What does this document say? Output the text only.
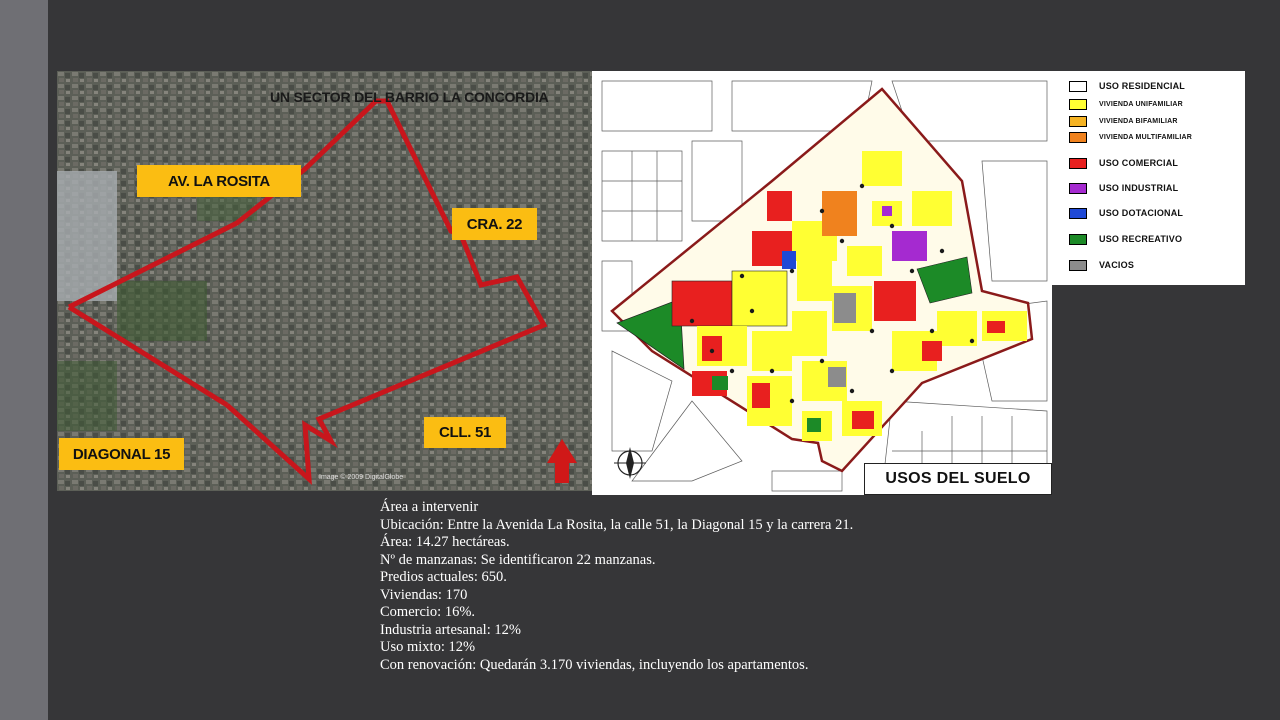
UN SECTOR DEL BARRIO LA CONCORDIA
AV. LA ROSITA
CRA. 22
DIAGONAL 15
CLL. 51
Image © 2009 DigitalGlobe	USOS DEL SUELO
USO RESIDENCIAL
VIVIENDA UNIFAMILIAR
VIVIENDA BIFAMILIAR
VIVIENDA MULTIFAMILIAR
USO COMERCIAL
USO INDUSTRIAL
USO DOTACIONAL
USO RECREATIVO
VACIOS
Área a intervenir
Ubicación: Entre la Avenida La Rosita, la calle 51, la Diagonal 15 y la carrera 21.
Área: 14.27 hectáreas.
Nº de manzanas: Se identificaron 22 manzanas.
Predios actuales: 650.
Viviendas: 170
Comercio: 16%.
Industria artesanal: 12%
Uso mixto: 12%
Con renovación: Quedarán 3.170 viviendas, incluyendo los apartamentos.
